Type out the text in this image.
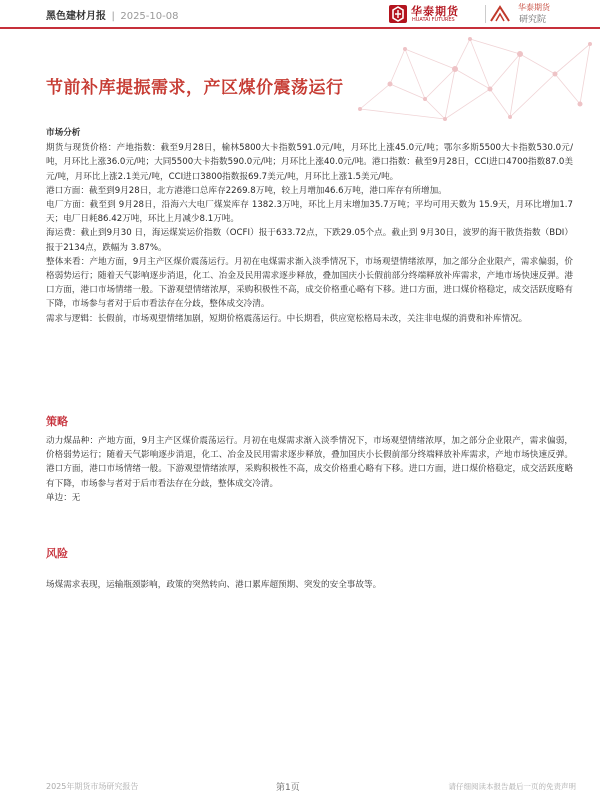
黑色建材月报 | 2025-10-08	华泰期货
HUATAI FUTURES
华泰期货
研究院
节前补库提振需求，产区煤价震荡运行

市场分析

期货与现货价格：产地指数：截至9月28日，榆林5800大卡指数591.0元/吨，月环比上涨45.0元/吨；鄂尔多斯5500大卡指数530.0元/吨，月环比上涨36.0元/吨；大同5500大卡指数590.0元/吨；月环比上涨40.0元/吨。港口指数：截至9月28日，CCI进口4700指数87.0美元/吨，月环比上涨2.1美元/吨，CCI进口3800指数报69.7美元/吨，月环比上涨1.5美元/吨。

港口方面：截至到9月28日，北方港港口总库存2269.8万吨，较上月增加46.6万吨，港口库存有所增加。

电厂方面：截至到 9月28日，沿海六大电厂煤炭库存 1382.3万吨，环比上月末增加35.7万吨；平均可用天数为 15.9天，月环比增加1.7天；电厂日耗86.42万吨，环比上月减少8.1万吨。

海运费：截止到9月30 日，海运煤炭运价指数（OCFI）报于633.72点，下跌29.05个点。截止到 9月30日，波罗的海干散货指数（BDI）报于2134点，跌幅为 3.87%。

整体来看：产地方面，9月主产区煤价震荡运行。月初在电煤需求渐入淡季情况下，市场观望情绪浓厚，加之部分企业限产，需求偏弱，价格弱势运行；随着天气影响逐步消退，化工、冶金及民用需求逐步释放，叠加国庆小长假前部分终端释放补库需求，产地市场快速反弹。港口方面，港口市场情绪一般。下游观望情绪浓厚，采购积极性不高，成交价格重心略有下移。进口方面，进口煤价格稳定，成交活跃度略有下降，市场参与者对于后市看法存在分歧，整体成交冷清。

需求与逻辑：长假前，市场观望情绪加剧，短期价格震荡运行。中长期看，供应宽松格局未改，关注非电煤的消费和补库情况。

策略

动力煤品种：产地方面，9月主产区煤价震荡运行。月初在电煤需求渐入淡季情况下，市场观望情绪浓厚，加之部分企业限产，需求偏弱，价格弱势运行；随着天气影响逐步消退，化工、冶金及民用需求逐步释放，叠加国庆小长假前部分终端释放补库需求，产地市场快速反弹。港口方面，港口市场情绪一般。下游观望情绪浓厚，采购积极性不高，成交价格重心略有下移。进口方面，进口煤价格稳定，成交活跃度略有下降，市场参与者对于后市看法存在分歧，整体成交冷清。

单边：无

风险
场煤需求表现，运输瓶颈影响，政策的突然转向、港口累库超预期、突发的安全事故等。
2025年期货市场研究报告	第1页	请仔细阅读本报告最后一页的免责声明
